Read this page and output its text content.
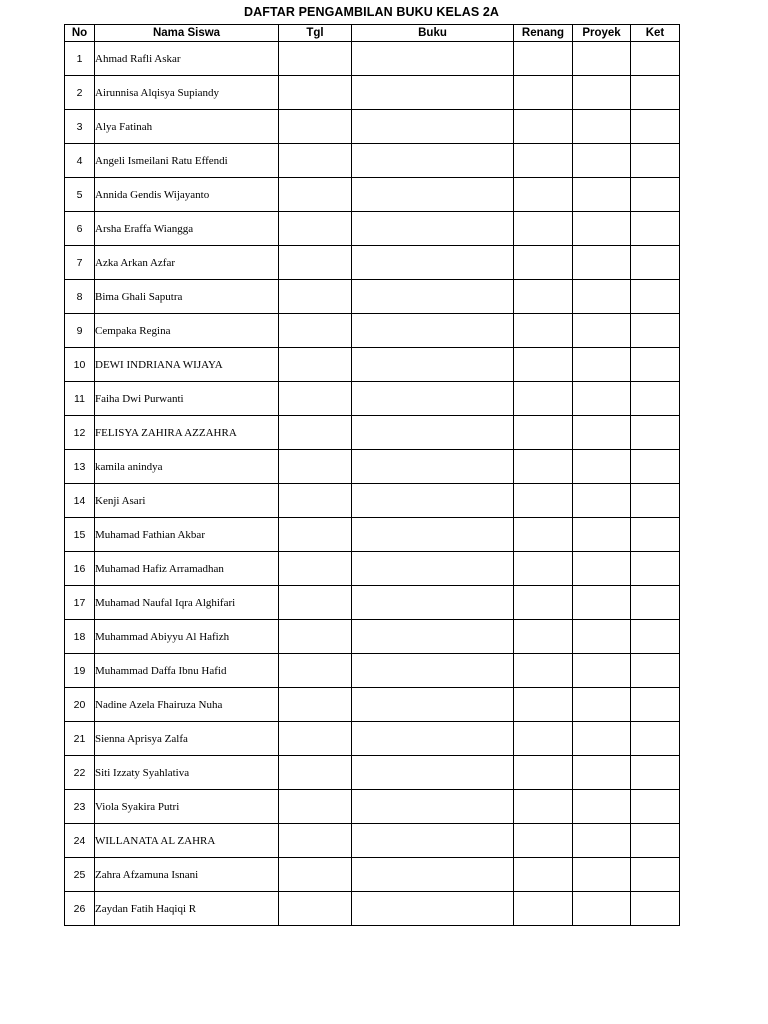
DAFTAR PENGAMBILAN BUKU KELAS 2A
No	Nama Siswa	Tgl	Buku	Renang	Proyek	Ket
1	Ahmad Rafli Askar					
2	Airunnisa Alqisya Supiandy					
3	Alya Fatinah					
4	Angeli Ismeilani Ratu Effendi					
5	Annida Gendis Wijayanto					
6	Arsha Eraffa Wiangga					
7	Azka Arkan Azfar					
8	Bima Ghali Saputra					
9	Cempaka Regina					
10	DEWI INDRIANA WIJAYA					
11	Faiha Dwi Purwanti					
12	FELISYA ZAHIRA AZZAHRA					
13	kamila anindya					
14	Kenji Asari					
15	Muhamad Fathian Akbar					
16	Muhamad Hafiz Arramadhan					
17	Muhamad Naufal Iqra Alghifari					
18	Muhammad Abiyyu Al Hafizh					
19	Muhammad Daffa Ibnu Hafid					
20	Nadine Azela Fhairuza Nuha					
21	Sienna Aprisya Zalfa					
22	Siti Izzaty Syahlativa					
23	Viola Syakira Putri					
24	WILLANATA AL ZAHRA					
25	Zahra Afzamuna Isnani					
26	Zaydan Fatih Haqiqi R					
